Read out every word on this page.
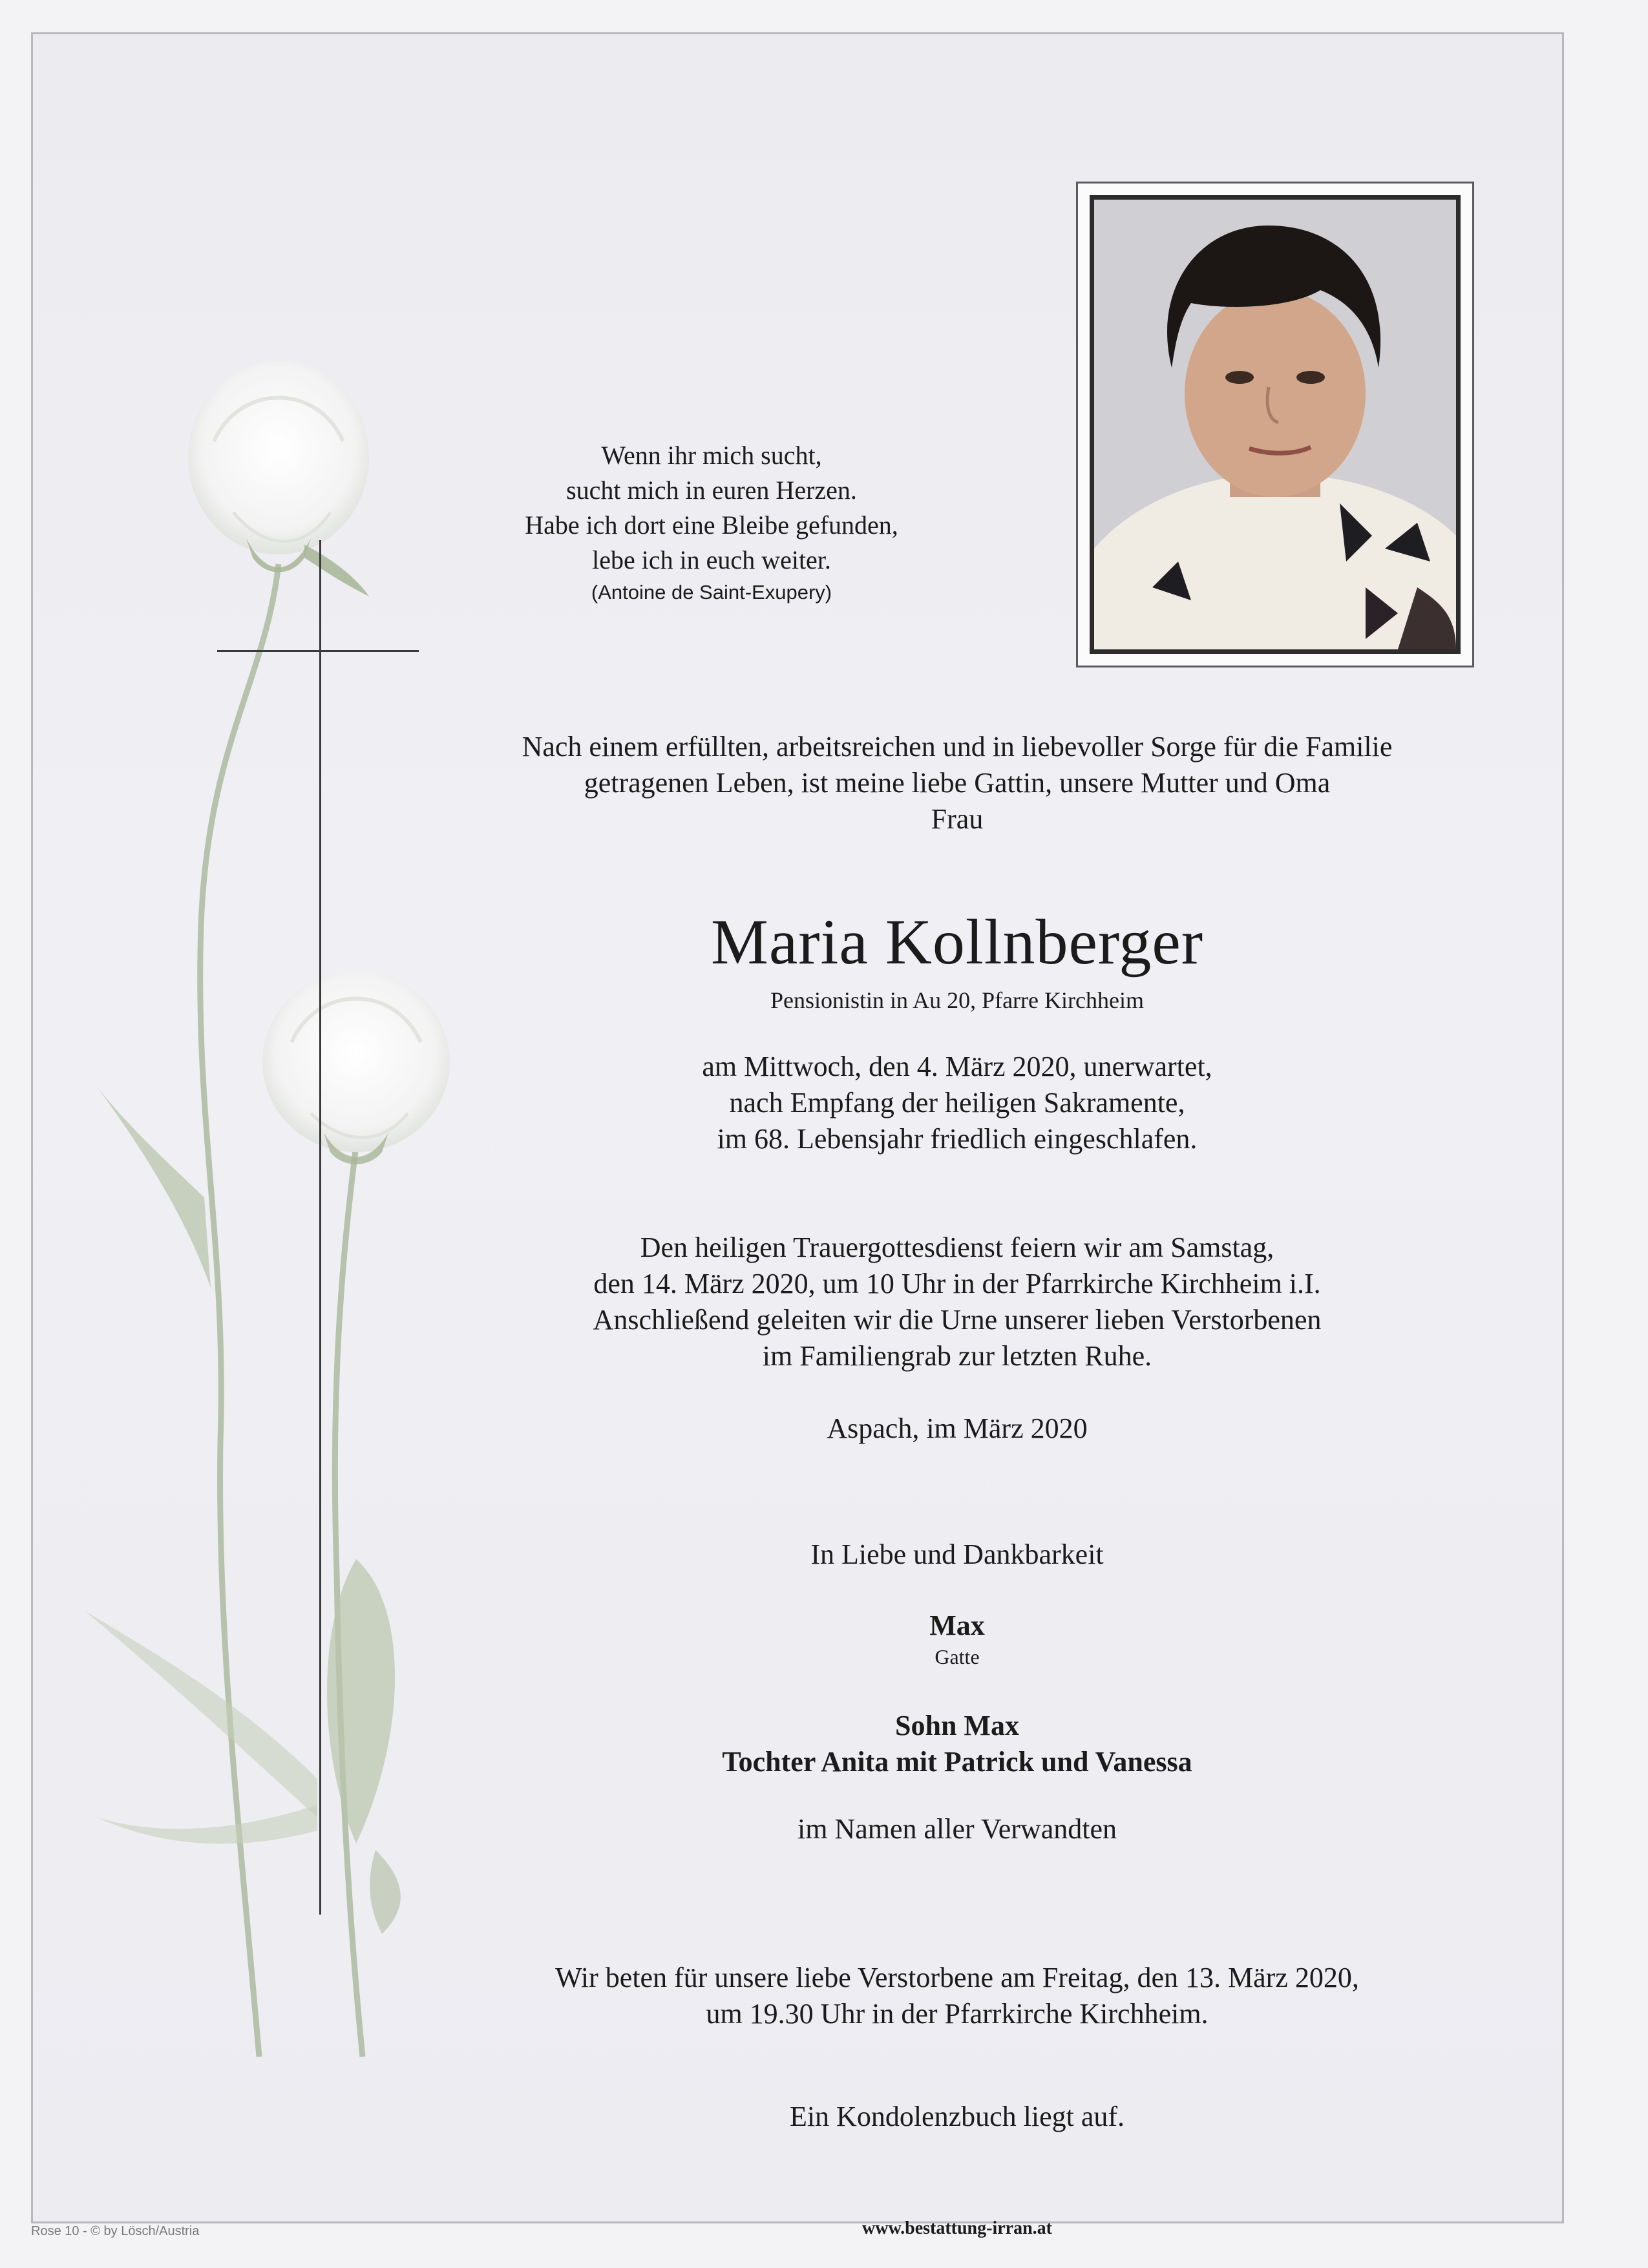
Wenn ihr mich sucht,
sucht mich in euren Herzen.
Habe ich dort eine Bleibe gefunden,
lebe ich in euch weiter.
(Antoine de Saint-Exupery)
Nach einem erfüllten, arbeitsreichen und in liebevoller Sorge für die Familie
getragenen Leben, ist meine liebe Gattin, unsere Mutter und Oma
Frau
Maria Kollnberger
Pensionistin in Au 20, Pfarre Kirchheim
am Mittwoch, den 4. März 2020, unerwartet,
nach Empfang der heiligen Sakramente,
im 68. Lebensjahr friedlich eingeschlafen.
Den heiligen Trauergottesdienst feiern wir am Samstag,
den 14. März 2020, um 10 Uhr in der Pfarrkirche Kirchheim i.I.
Anschließend geleiten wir die Urne unserer lieben Verstorbenen
im Familiengrab zur letzten Ruhe.
Aspach, im März 2020
In Liebe und Dankbarkeit
Max
Gatte
Sohn Max
Tochter Anita mit Patrick und Vanessa
im Namen aller Verwandten
Wir beten für unsere liebe Verstorbene am Freitag, den 13. März 2020,
um 19.30 Uhr in der Pfarrkirche Kirchheim.
Ein Kondolenzbuch liegt auf.
www.bestattung-irran.at
Rose 10 - © by Lösch/Austria
